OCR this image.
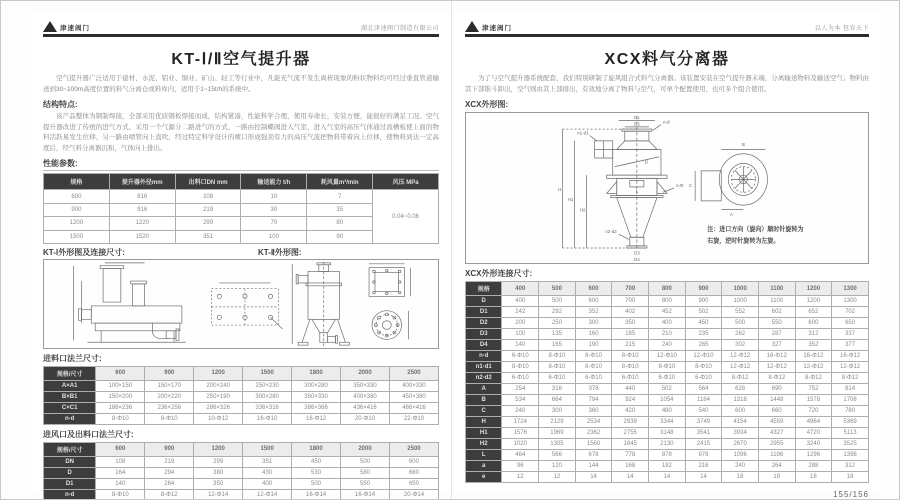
津速阀门	湖北津速阀门制造有限公司
KT-Ⅰ/Ⅱ空气提升器
空气提升器广泛适用于建材、水泥、铝业、铜业、矿山、轻工等行业中，凡能充气流不发生离析现象的粉状物料均可经过垂直管道输送到30~100m高度位置的料气分离仓或料库内，适用于1~15t/h的系统中。
结构特点:
该产品整体为钢制焊接，全部采用优质钢板焊接而成，结构紧凑，性能科学合理，使用寿命长，安装方便，能很好的满足工况。空气提升器改进了传统的进气方式，采用一个气源分二路进气的方式，一路由控制蝶阀进入气室，进入气室的高压气体通过流槽板使上面的物料活跃易发生位移，另一路由喷管向上直吹，经过特定科学设计的喷口形成强劲有力的高压气流把物料带着向上位移，使物料到达一定高度后，经气料分离器沉积，气体向上排出。
性能参数:
规格	提升器外径mm	出料口DN mm	输送能力 t/h	耗风量m³/min	风压 MPa
600	616	108	10	7	0.04~0.06
900	916	219	30	35	
1200	1220	299	70	80	
1500	1520	351	100	90	
KT-Ⅰ外形图及连接尺寸:	KT-Ⅱ外形图:
进料口法兰尺寸:
规格/尺寸	600	900	1200	1500	1800	2000	2500
A×A1	100×150	150×170	200×240	250×230	300×280	350×330	400×330
B×B1	150×200	200×220	250×190	300×280	350×330	400×380	450×380
C×C1	186×236	236×256	286×326	336×316	386×366	436×416	486×416
n-d	8-Φ10	8-Φ10	10-Φ12	16-Φ10	16-Φ12	20-Φ10	22-Φ10
进风口及出料口法兰尺寸:
规格/尺寸	600	900	1200	1500	1800	2000	2500
DN	108	219	299	351	450	500	600
D	164	294	380	430	530	580	680
D1	140	264	350	400	500	550	650
n-d	8-Φ10	8-Φ12	12-Φ14	12-Φ14	16-Φ14	16-Φ14	20-Φ14
津速阀门	以人为本 包容天下
XCX料气分离器
为了与空气提升器系统配套，我们特别研制了旋风组合式料气分离器。该装置安装在空气提升器末端，分离输送物料及输送空气；物料由其下部锥斗卸出，空气则由其上部排出，有效地分离了物料与空气，可单个配置使用，也可多个组合使用。
XCX外形图:
D1
D2	n-d
n1-d1
D
L
n-Φ
H
H1
H2
n2-d2
D3
D4
B
C
A
注：进口方向（旋向）顺时针旋转为
右旋，逆时针旋转为左旋。
XCX外形连接尺寸:
规格	400	500	600	700	800	900	1000	1100	1200	1300
D	400	500	600	700	800	900	1000	1100	1200	1300
D1	242	292	352	402	452	502	552	602	652	702
D2	200	250	300	350	400	450	500	550	600	650
D3	100	135	160	185	210	235	262	287	312	337
D4	140	165	190	215	240	265	302	327	352	377
n-d	6-Φ10	8-Φ10	8-Φ10	8-Φ10	12-Φ10	12-Φ10	12-Φ12	16-Φ12	16-Φ12	16-Φ12
n1-d1	8-Φ10	8-Φ10	8-Φ10	8-Φ10	8-Φ10	8-Φ10	12-Φ12	12-Φ12	12-Φ12	12-Φ12
n2-d2	6-Φ10	6-Φ10	6-Φ10	6-Φ10	6-Φ10	6-Φ10	8-Φ12	8-Φ12	8-Φ12	8-Φ12
A	254	316	378	440	502	564	628	690	752	814
B	534	664	794	924	1054	1184	1318	1448	1578	1708
C	240	300	360	420	480	540	600	660	720	780
H	1724	2129	2534	2939	3344	3749	4154	4559	4964	5369
H1	1576	1969	2362	2755	3148	3541	3934	4327	4720	5113
H2	1020	1305	1560	1845	2130	2415	2670	2955	3240	3525
L	464	566	678	778	878	978	1096	1196	1296	1396
a	96	120	144	168	192	216	240	264	288	312
e	12	12	14	14	14	14	18	18	18	18
155/156
